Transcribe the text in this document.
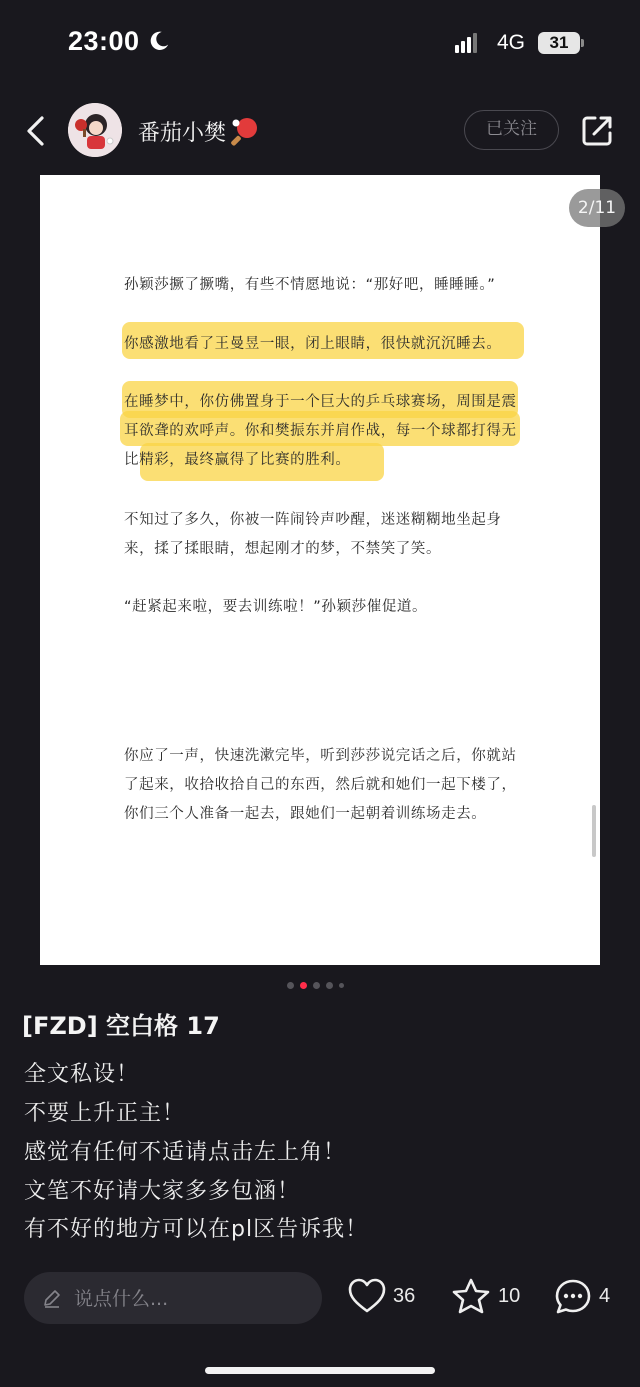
23:00	4G	31
番茄小樊	已关注
孙颖莎撅了撅嘴，有些不情愿地说：“那好吧，睡睡睡。”
你感激地看了王曼昱一眼，闭上眼睛，很快就沉沉睡去。
在睡梦中，你仿佛置身于一个巨大的乒乓球赛场，周围是震耳欲聋的欢呼声。你和樊振东并肩作战，每一个球都打得无比精彩，最终赢得了比赛的胜利。
不知过了多久，你被一阵闹铃声吵醒，迷迷糊糊地坐起身来，揉了揉眼睛，想起刚才的梦，不禁笑了笑。
“赶紧起来啦，要去训练啦！”孙颖莎催促道。
你应了一声，快速洗漱完毕，听到莎莎说完话之后，你就站了起来，收拾收拾自己的东西，然后就和她们一起下楼了，你们三个人准备一起去，跟她们一起朝着训练场走去。
2/11
[FZD] 空白格 17
全文私设！
不要上升正主！
感觉有任何不适请点击左上角！
文笔不好请大家多多包涵！
有不好的地方可以在pl区告诉我！
说点什么...	36	10	4
